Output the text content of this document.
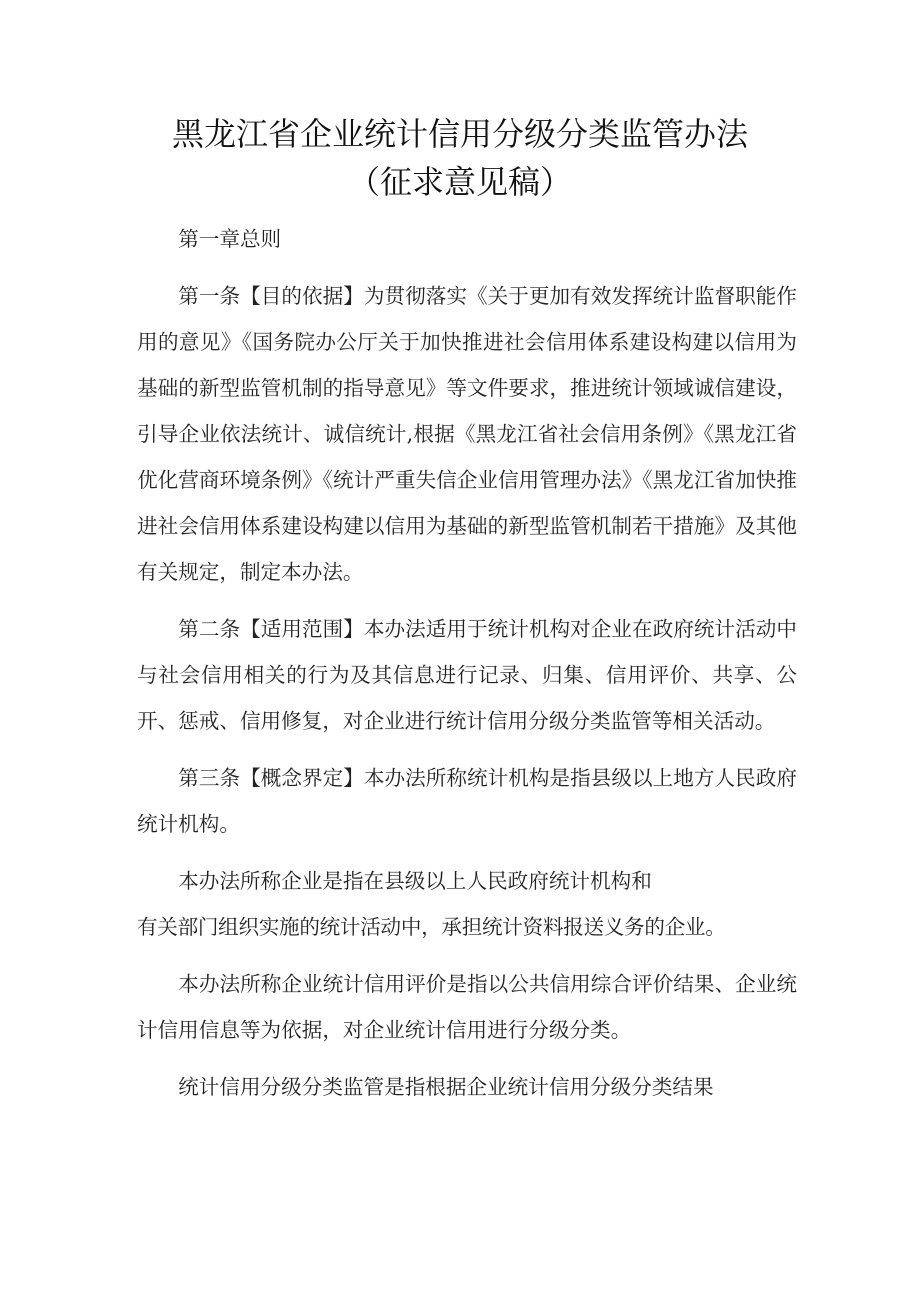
黑龙江省企业统计信用分级分类监管办法
（征求意见稿）

第一章总则

第一条【目的依据】为贯彻落实《关于更加有效发挥统计监督职能作用的意见》《国务院办公厅关于加快推进社会信用体系建设构建以信用为基础的新型监管机制的指导意见》等文件要求，推进统计领域诚信建设，引导企业依法统计、诚信统计,根据《黑龙江省社会信用条例》《黑龙江省优化营商环境条例》《统计严重失信企业信用管理办法》《黑龙江省加快推进社会信用体系建设构建以信用为基础的新型监管机制若干措施》及其他有关规定，制定本办法。

第二条【适用范围】本办法适用于统计机构对企业在政府统计活动中与社会信用相关的行为及其信息进行记录、归集、信用评价、共享、公开、惩戒、信用修复，对企业进行统计信用分级分类监管等相关活动。

第三条【概念界定】本办法所称统计机构是指县级以上地方人民政府统计机构。

本办法所称企业是指在县级以上人民政府统计机构和

有关部门组织实施的统计活动中，承担统计资料报送义务的企业。

本办法所称企业统计信用评价是指以公共信用综合评价结果、企业统计信用信息等为依据，对企业统计信用进行分级分类。

统计信用分级分类监管是指根据企业统计信用分级分类结果
